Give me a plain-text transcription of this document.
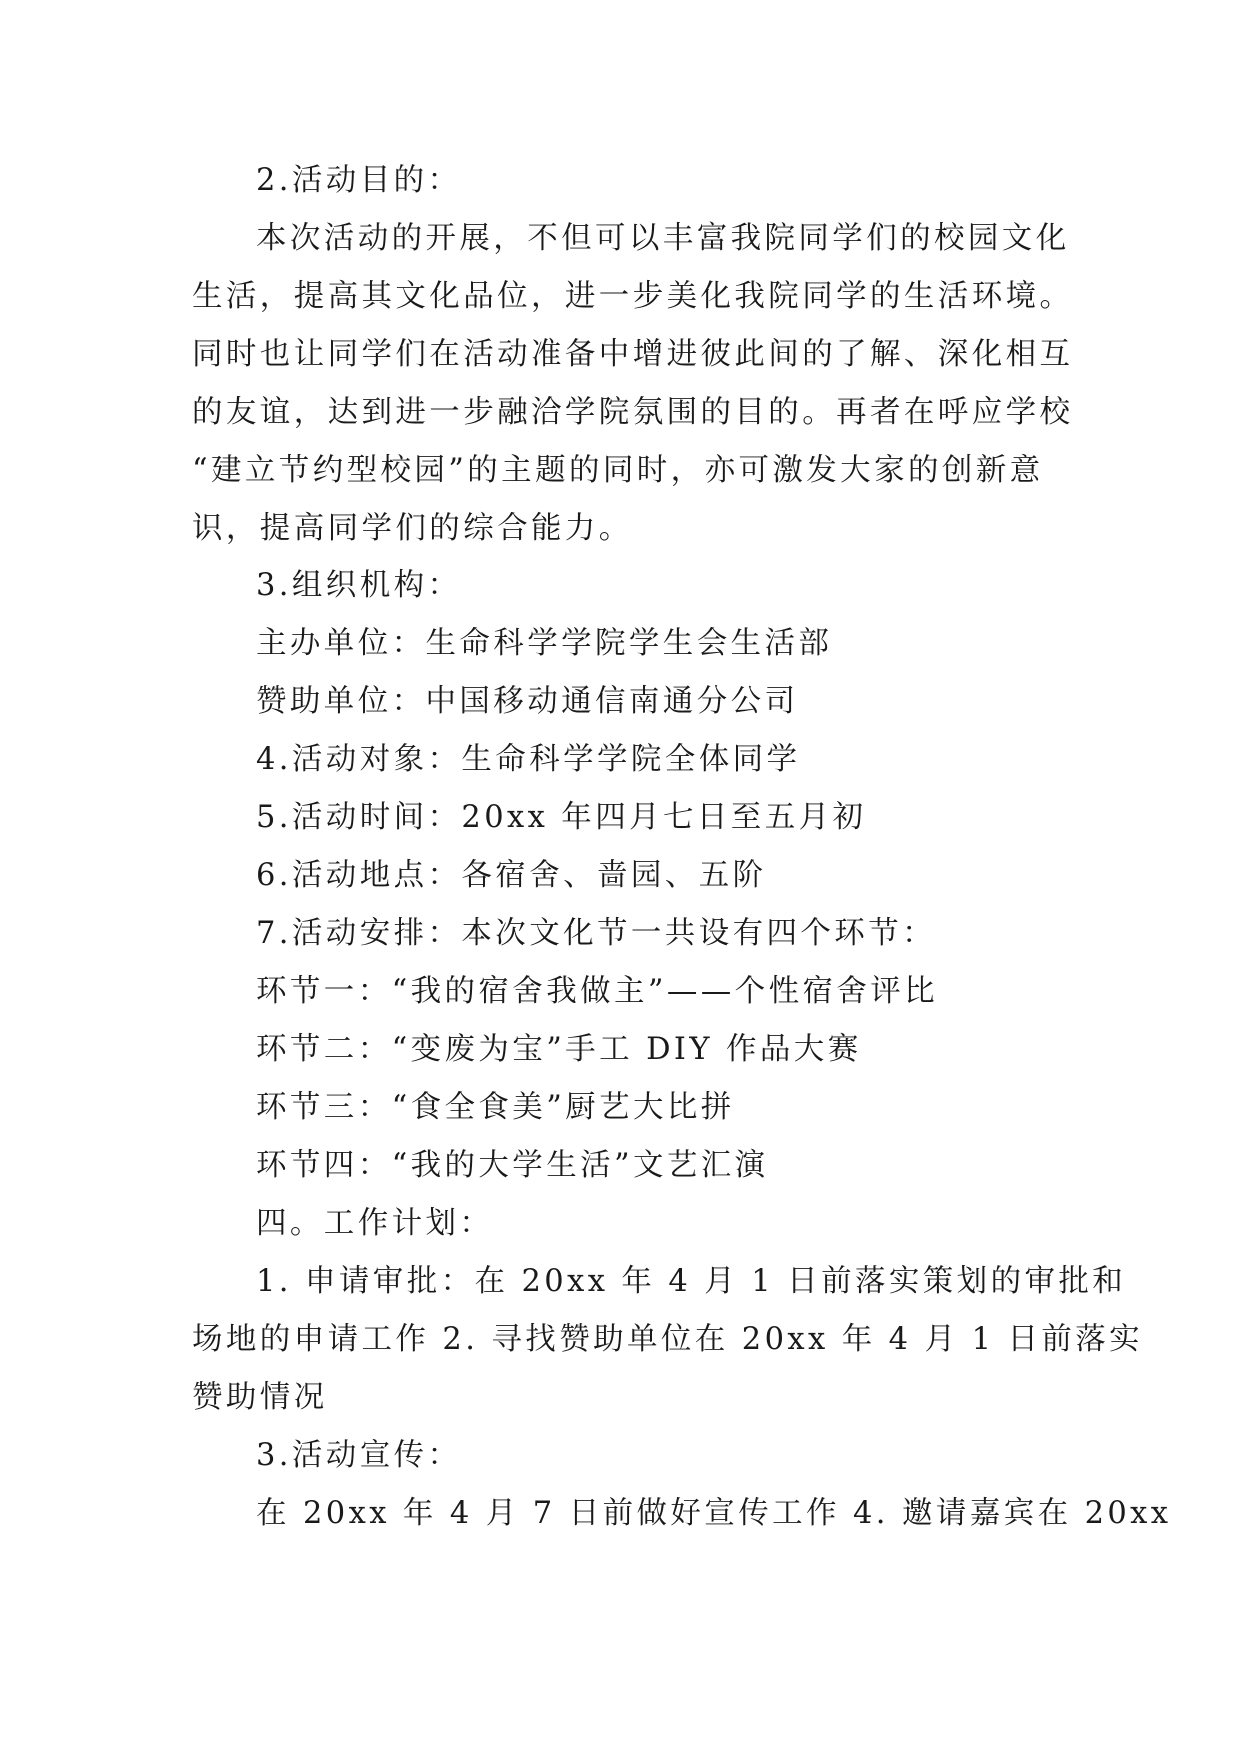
2.活动目的：
本次活动的开展，不但可以丰富我院同学们的校园文化
生活，提高其文化品位，进一步美化我院同学的生活环境。
同时也让同学们在活动准备中增进彼此间的了解、深化相互
的友谊，达到进一步融洽学院氛围的目的。再者在呼应学校
“建立节约型校园”的主题的同时，亦可激发大家的创新意
识，提高同学们的综合能力。
3.组织机构：
主办单位：生命科学学院学生会生活部
赞助单位：中国移动通信南通分公司
4.活动对象：生命科学学院全体同学
5.活动时间：20xx 年四月七日至五月初
6.活动地点：各宿舍、啬园、五阶
7.活动安排：本次文化节一共设有四个环节：
环节一：“我的宿舍我做主”——个性宿舍评比
环节二：“变废为宝”手工 DIY 作品大赛
环节三：“食全食美”厨艺大比拼
环节四：“我的大学生活”文艺汇演
四。工作计划：
1. 申请审批：在 20xx 年 4 月 1 日前落实策划的审批和
场地的申请工作 2. 寻找赞助单位在 20xx 年 4 月 1 日前落实
赞助情况
3.活动宣传：
在 20xx 年 4 月 7 日前做好宣传工作 4. 邀请嘉宾在 20xx
